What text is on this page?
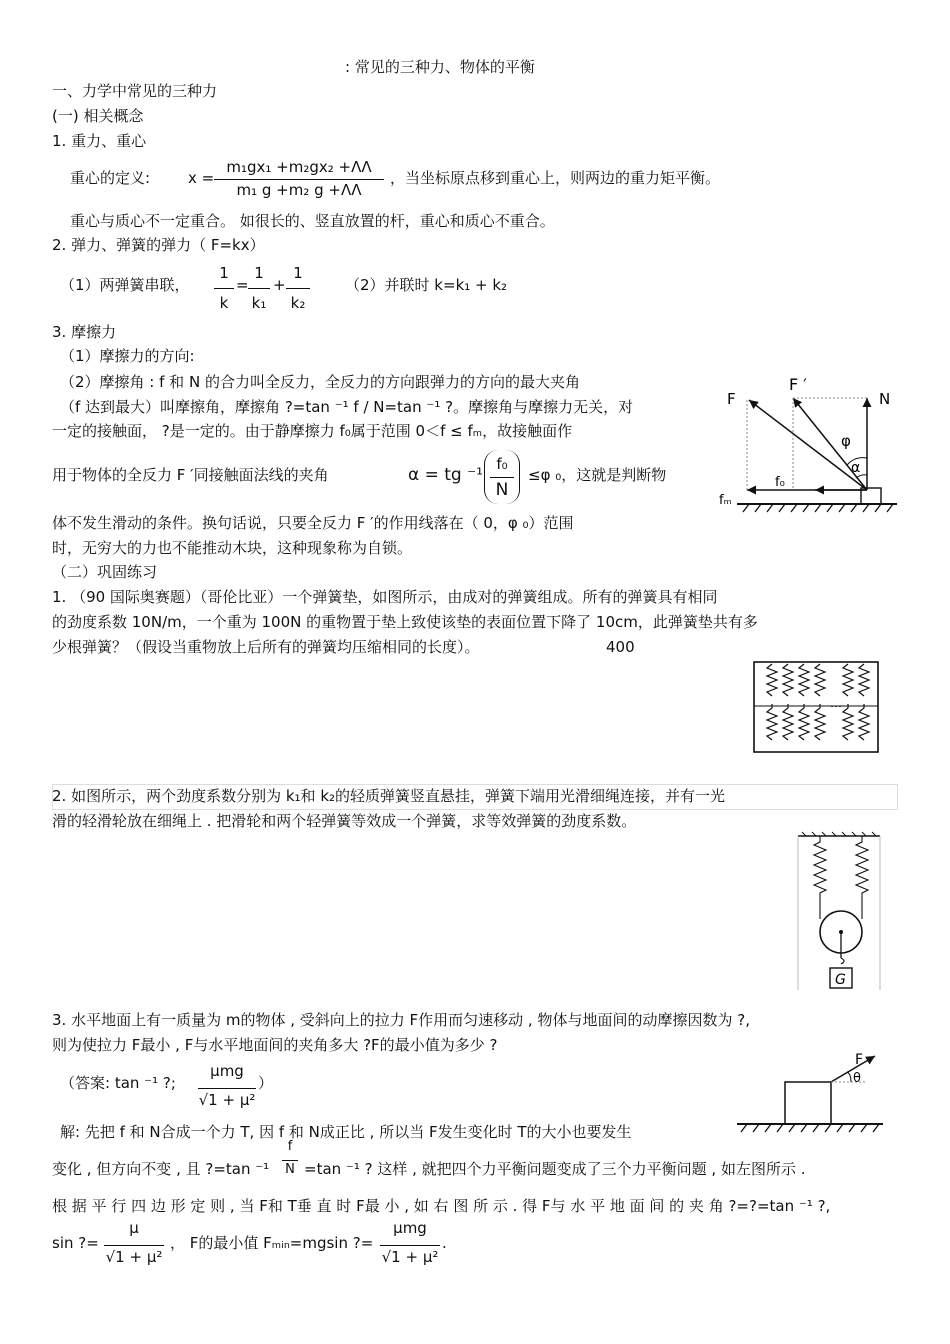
: 常见的三种力、物体的平衡
一、力学中常见的三种力
(一) 相关概念
1. 重力、重心
重心的定义:	x =
m₁gx₁ +m₂gx₂ +ΛΛ
m₁ g +m₂ g +ΛΛ
，当坐标原点移到重心上，则两边的重力矩平衡。
重心与质心不一定重合。 如很长的、竖直放置的杆，重心和质心不重合。
2. 弹力、弹簧的弹力（ F=kx）
（1）两弹簧串联，
1
k
=
1
k₁
+
1
k₂
（2）并联时 k=k₁ + k₂
3. 摩擦力
（1）摩擦力的方向:
（2）摩擦角 : f 和 N 的合力叫全反力，全反力的方向跟弹力的方向的最大夹角
（f 达到最大）叫摩擦角，摩擦角 ?=tan ⁻¹ f / N=tan ⁻¹ ?。摩擦角与摩擦力无关，对
一定的接触面， ?是一定的。由于静摩擦力 f₀属于范围 0＜f ≤ fₘ，故接触面作
用于物体的全反力 F ′同接触面法线的夹角	α = tg ⁻¹
f₀
N
≤φ ₀，这就是判断物
体不发生滑动的条件。换句话说，只要全反力 F ′的作用线落在（ 0，φ ₀）范围
时，无穷大的力也不能推动木块，这种现象称为自锁。
F
F ′
N
φ
α
f₀
fₘ
（二）巩固练习
1. （90 国际奥赛题）（哥伦比亚）一个弹簧垫，如图所示，由成对的弹簧组成。所有的弹簧具有相同
的劲度系数 10N/m，一个重为 100N 的重物置于垫上致使该垫的表面位置下降了 10cm，此弹簧垫共有多
少根弹簧？（假设当重物放上后所有的弹簧均压缩相同的长度）。	400
⋯
2. 如图所示，两个劲度系数分别为 k₁和 k₂的轻质弹簧竖直悬挂，弹簧下端用光滑细绳连接，并有一光
滑的轻滑轮放在细绳上 . 把滑轮和两个轻弹簧等效成一个弹簧，求等效弹簧的劲度系数。
G
3. 水平地面上有一质量为 m的物体 , 受斜向上的拉力 F作用而匀速移动 , 物体与地面间的动摩擦因数为 ?,
则为使拉力 F最小 , F与水平地面间的夹角多大 ?F的最小值为多少 ?
（答案: tan ⁻¹ ?;
μmg
√1 + μ²
）
F
θ
解: 先把 f 和 N合成一个力 T, 因 f 和 N成正比 , 所以当 F发生变化时 T的大小也要发生
变化 , 但方向不变 , 且 ?=tan ⁻¹
f
N =tan ⁻¹ ? 这样 , 就把四个力平衡问题变成了三个力平衡问题 , 如左图所示 .
根 据 平 行 四 边 形 定 则 , 当 F和 T垂 直 时 F最 小 , 如 右 图 所 示 . 得 F与 水 平 地 面 间 的 夹 角 ?=?=tan ⁻¹ ?,
sin ?=
μ
√1 + μ²
， F的最小值 Fₘᵢₙ=mgsin ?=
μmg
√1 + μ²
.
